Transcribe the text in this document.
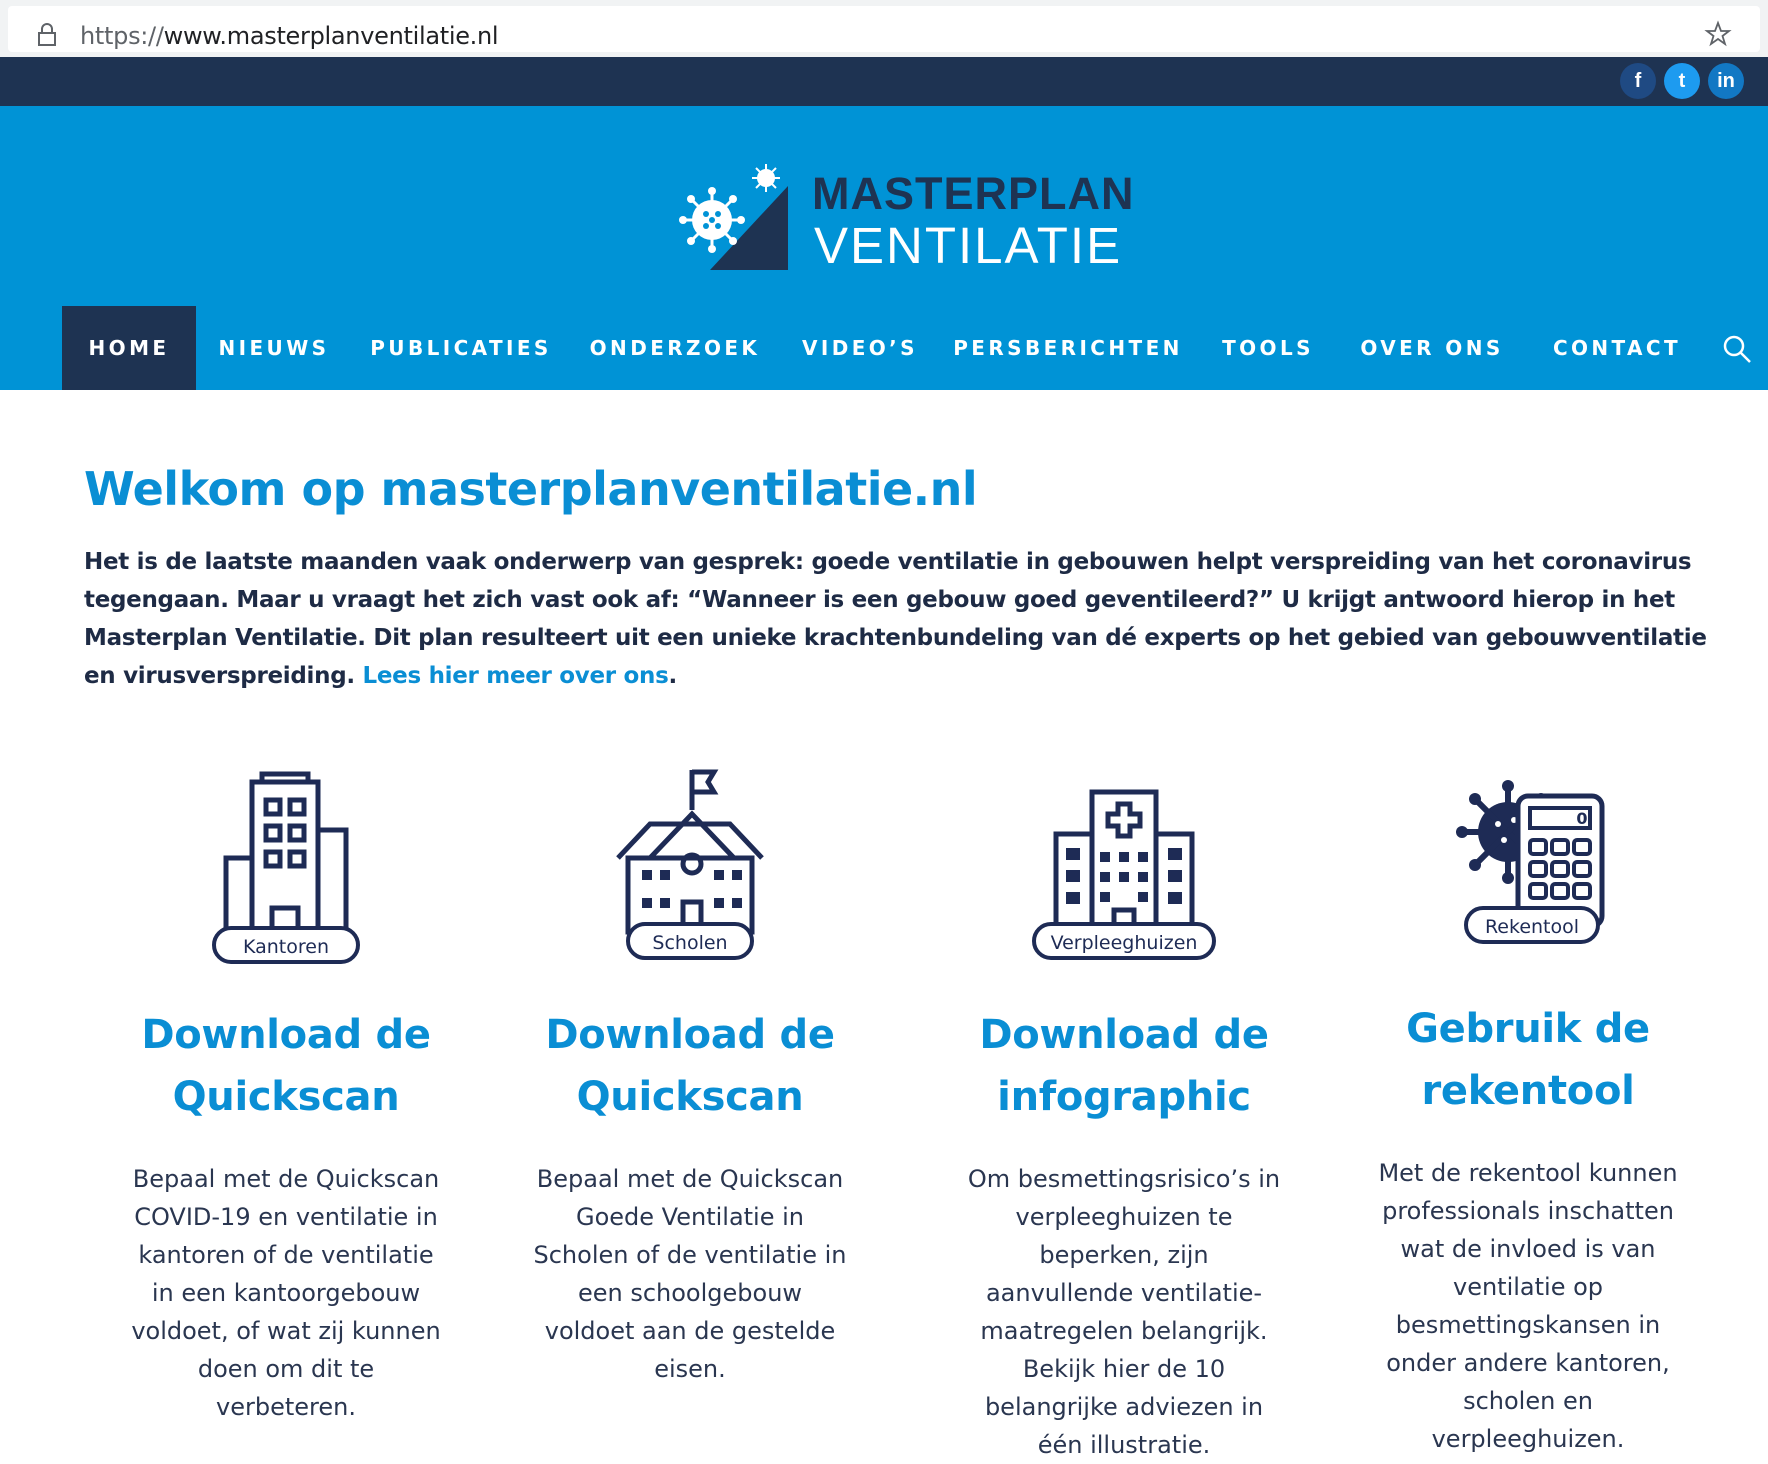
https://www.masterplanventilatie.nl
f	t	in
MASTERPLAN
VENTILATIE
HOME	NIEUWS	PUBLICATIES	ONDERZOEK	VIDEO’S	PERSBERICHTEN	TOOLS	OVER ONS	CONTACT
Welkom op masterplanventilatie.nl

Het is de laatste maanden vaak onderwerp van gesprek: goede ventilatie in gebouwen helpt verspreiding van het coronavirus tegengaan. Maar u vraagt het zich vast ook af: “Wanneer is een gebouw goed geventileerd?” U krijgt antwoord hierop in het Masterplan Ventilatie. Dit plan resulteert uit een unieke krachtenbundeling van dé experts op het gebied van gebouwventilatie en virusverspreiding. Lees hier meer over ons.

Kantoren
Download de
Quickscan

Bepaal met de Quickscan COVID-19 en ventilatie in kantoren of de ventilatie in een kantoorgebouw voldoet, of wat zij kunnen doen om dit te verbeteren.

Scholen
Download de
Quickscan

Bepaal met de Quickscan Goede Ventilatie in Scholen of de ventilatie in een schoolgebouw voldoet aan de gestelde eisen.

Verpleeghuizen
Download de
infographic

Om besmettingsrisico’s in verpleeghuizen te beperken, zijn aanvullende ventilatie-maatregelen belangrijk. Bekijk hier de 10 belangrijke adviezen in één illustratie.

0
Rekentool
Gebruik de
rekentool

Met de rekentool kunnen professionals inschatten wat de invloed is van ventilatie op besmettingskansen in onder andere kantoren, scholen en verpleeghuizen.
